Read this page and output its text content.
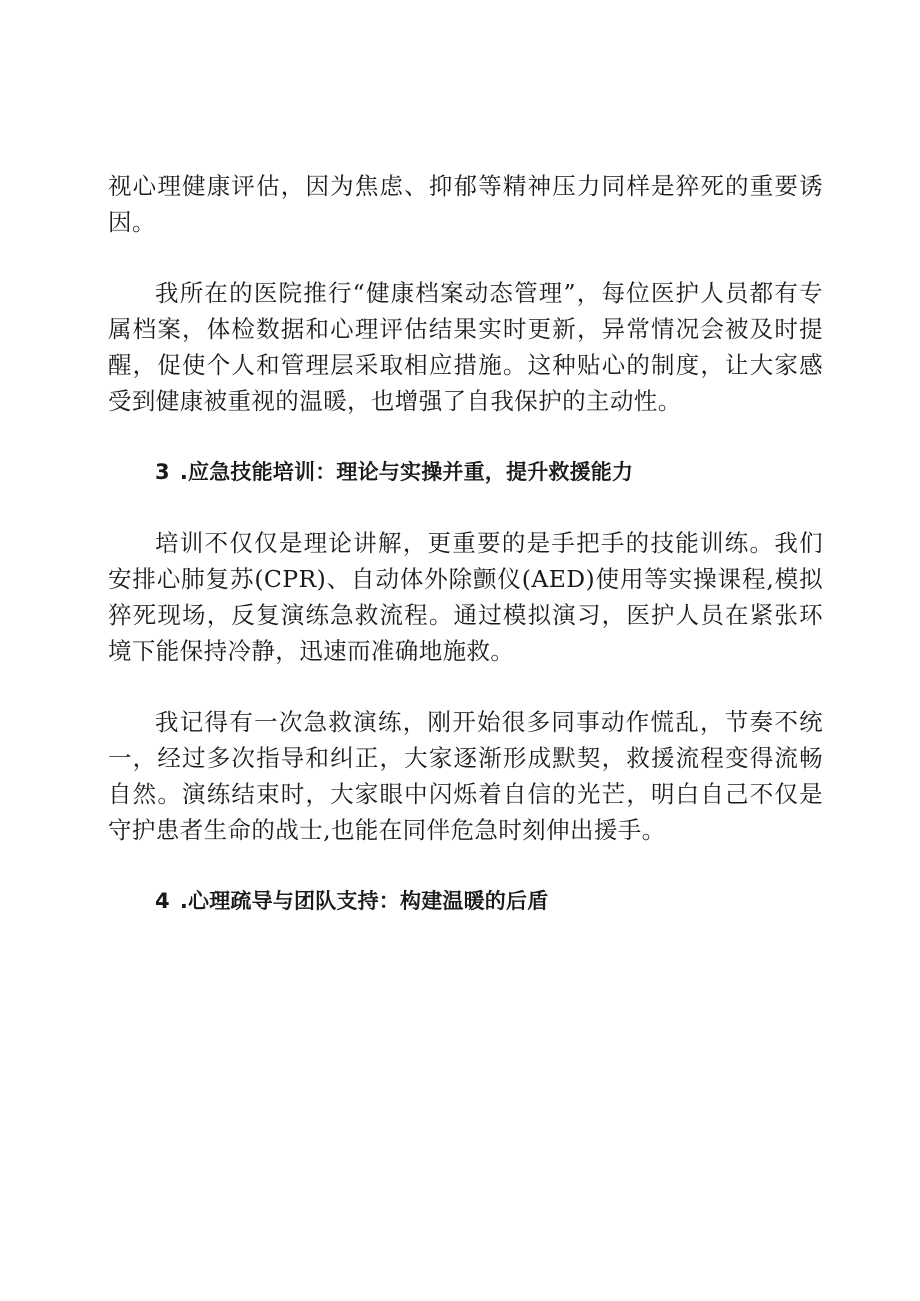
视心理健康评估，因为焦虑、抑郁等精神压力同样是猝死的重要诱因。

我所在的医院推行“健康档案动态管理”，每位医护人员都有专属档案，体检数据和心理评估结果实时更新，异常情况会被及时提醒，促使个人和管理层采取相应措施。这种贴心的制度，让大家感受到健康被重视的温暖，也增强了自我保护的主动性。

3 .应急技能培训：理论与实操并重，提升救援能力

培训不仅仅是理论讲解，更重要的是手把手的技能训练。我们安排心肺复苏(CPR)、自动体外除颤仪(AED)使用等实操课程,模拟猝死现场，反复演练急救流程。通过模拟演习，医护人员在紧张环境下能保持冷静，迅速而准确地施救。

我记得有一次急救演练，刚开始很多同事动作慌乱，节奏不统一，经过多次指导和纠正，大家逐渐形成默契，救援流程变得流畅自然。演练结束时，大家眼中闪烁着自信的光芒，明白自己不仅是守护患者生命的战士,也能在同伴危急时刻伸出援手。

4 .心理疏导与团队支持：构建温暖的后盾
